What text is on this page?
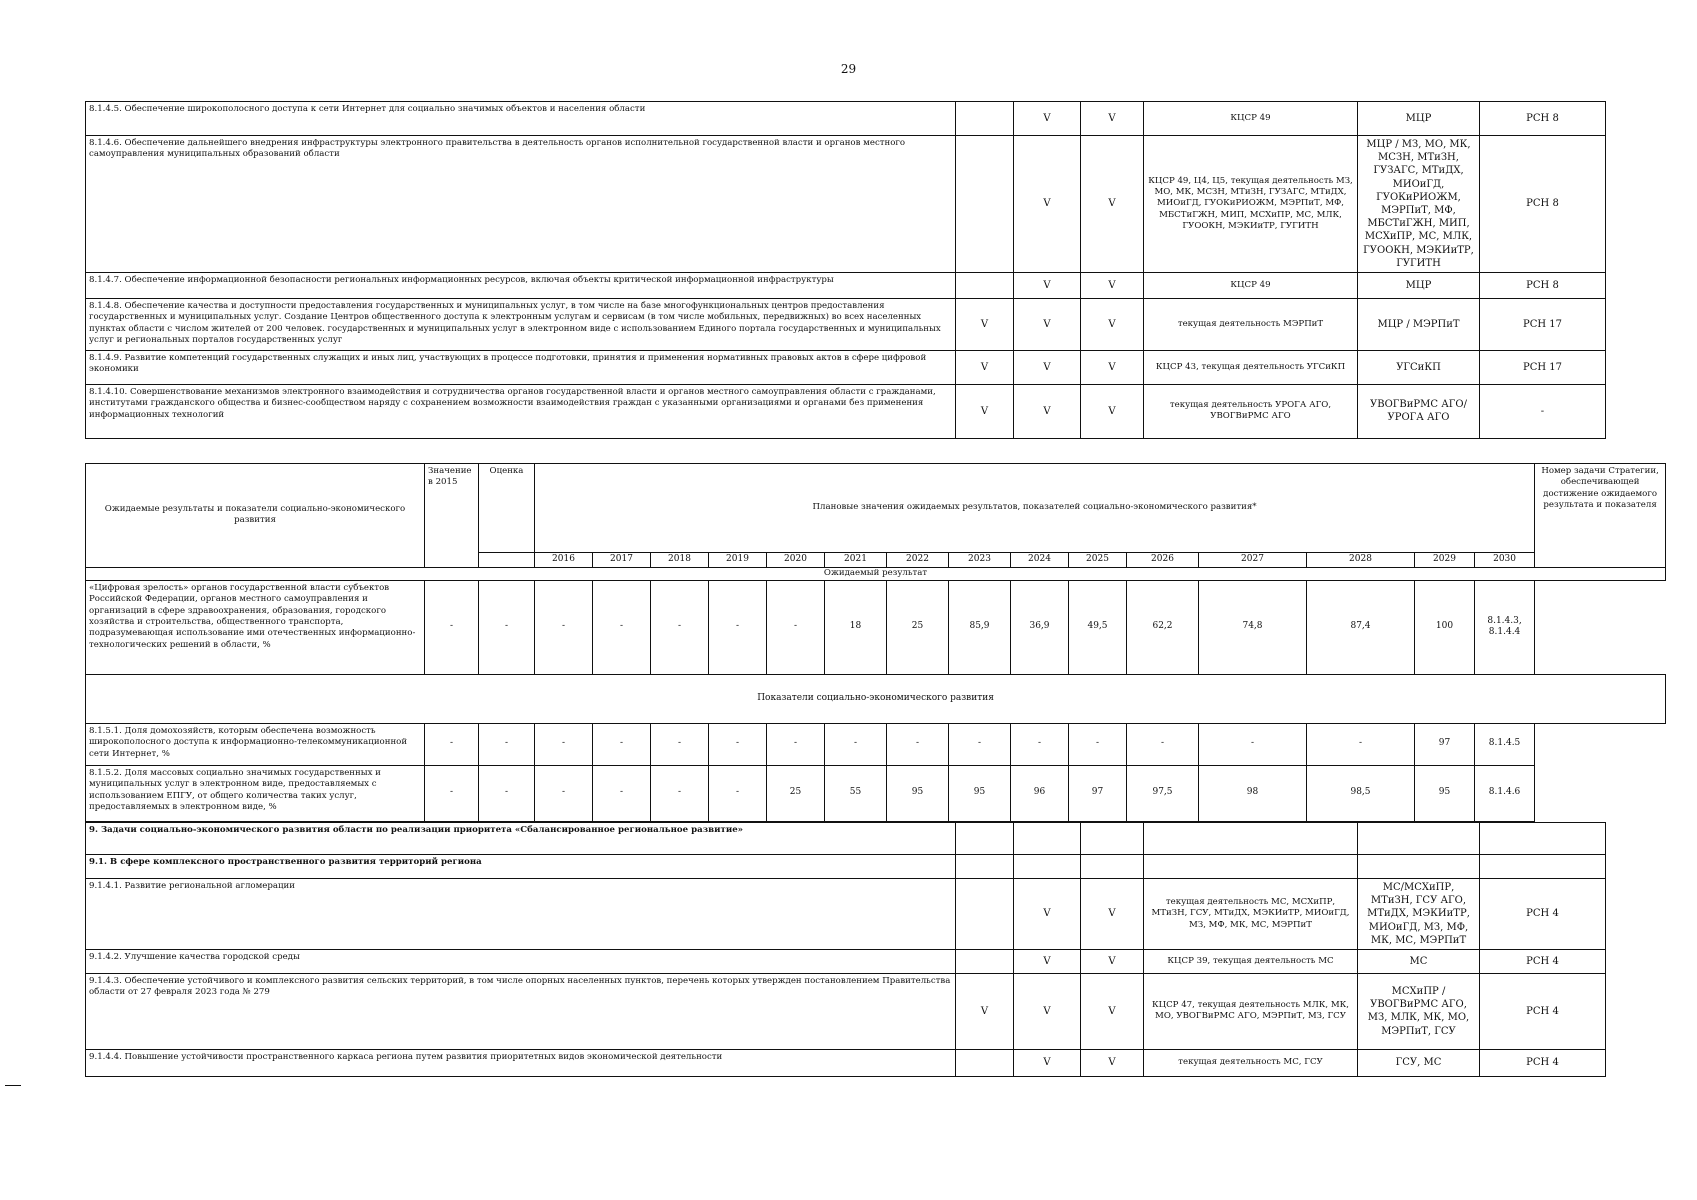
29
8.1.4.5. Обеспечение широкополосного доступа к сети Интернет для социально значимых объектов и населения области		V	V	КЦСР 49	МЦР	РСН 8
8.1.4.6. Обеспечение дальнейшего внедрения инфраструктуры электронного правительства в деятельность органов исполнительной государственной власти и органов местного самоуправления муниципальных образований области		V	V	КЦСР 49, Ц4, Ц5, текущая деятельность МЗ, МО, МК, МСЗН, МТиЗН, ГУЗАГС, МТиДХ, МИОиГД, ГУОКиРИОЖМ, МЭРПиТ, МФ, МБСТиГЖН, МИП, МСХиПР, МС, МЛК, ГУООКН, МЭКИиТР, ГУГИТН	МЦР / МЗ, МО, МК, МСЗН, МТиЗН, ГУЗАГС, МТиДХ, МИОиГД, ГУОКиРИОЖМ, МЭРПиТ, МФ, МБСТиГЖН, МИП, МСХиПР, МС, МЛК, ГУООКН, МЭКИиТР, ГУГИТН	РСН 8
8.1.4.7. Обеспечение информационной безопасности региональных информационных ресурсов, включая объекты критической информационной инфраструктуры		V	V	КЦСР 49	МЦР	РСН 8
8.1.4.8. Обеспечение качества и доступности предоставления государственных и муниципальных услуг, в том числе на базе многофункциональных центров предоставления государственных и муниципальных услуг. Создание Центров общественного доступа к электронным услугам и сервисам (в том числе мобильных, передвижных) во всех населенных пунктах области с числом жителей от 200 человек. государственных и муниципальных услуг в электронном виде с использованием Единого портала государственных и муниципальных услуг и региональных порталов государственных услуг	V	V	V	текущая деятельность МЭРПиТ	МЦР / МЭРПиТ	РСН 17
8.1.4.9. Развитие компетенций государственных служащих и иных лиц, участвующих в процессе подготовки, принятия и применения нормативных правовых актов в сфере цифровой экономики	V	V	V	КЦСР 43, текущая деятельность УГСиКП	УГСиКП	РСН 17
8.1.4.10. Совершенствование механизмов электронного взаимодействия и сотрудничества органов государственной власти и органов местного самоуправления области с гражданами, институтами гражданского общества и бизнес-сообществом наряду с сохранением возможности взаимодействия граждан с указанными организациями и органами без применения информационных технологий	V	V	V	текущая деятельность УРОГА АГО, УВОГВиРМС АГО	УВОГВиРМС АГО/УРОГА АГО	-
Ожидаемые результаты и показатели социально-экономического развития	Значение в 2015	Оценка	Плановые значения ожидаемых результатов, показателей социально-экономического развития*															Номер задачи Стратегии, обеспечивающей достижение ожидаемого результата и показателя
			2016	2017	2018	2019	2020	2021	2022	2023	2024	2025	2026	2027	2028	2029	2030	
Ожидаемый результат																		
«Цифровая зрелость» органов государственной власти субъектов Российской Федерации, органов местного самоуправления и организаций в сфере здравоохранения, образования, городского хозяйства и строительства, общественного транспорта, подразумевающая использование ими отечественных информационно-технологических решений в области, %	-	-	-	-	-	-	-	18	25	85,9	36,9	49,5	62,2	74,8	87,4	100	8.1.4.3, 8.1.4.4	
Показатели социально-экономического развития																		
8.1.5.1. Доля домохозяйств, которым обеспечена возможность широкополосного доступа к информационно-телекоммуникационной сети Интернет, %	-	-	-	-	-	-	-	-	-	-	-	-	-	-	-	97	8.1.4.5	
8.1.5.2. Доля массовых социально значимых государственных и муниципальных услуг в электронном виде, предоставляемых с использованием ЕПГУ, от общего количества таких услуг, предоставляемых в электронном виде, %	-	-	-	-	-	-	25	55	95	95	96	97	97,5	98	98,5	95	8.1.4.6	
9. Задачи социально-экономического развития области по реализации приоритета «Сбалансированное региональное развитие»						
9.1. В сфере комплексного пространственного развития территорий региона						
9.1.4.1. Развитие региональной агломерации		V	V	текущая деятельность МС, МСХиПР, МТиЗН, ГСУ, МТиДХ, МЭКИиТР, МИОиГД, МЗ, МФ, МК, МС, МЭРПиТ	МС/МСХиПР, МТиЗН, ГСУ АГО, МТиДХ, МЭКИиТР, МИОиГД, МЗ, МФ, МК, МС, МЭРПиТ	РСН 4
9.1.4.2. Улучшение качества городской среды		V	V	КЦСР 39, текущая деятельность МС	МС	РСН 4
9.1.4.3. Обеспечение устойчивого и комплексного развития сельских территорий, в том числе опорных населенных пунктов, перечень которых утвержден постановлением Правительства области от 27 февраля 2023 года № 279	V	V	V	КЦСР 47, текущая деятельность МЛК, МК, МО, УВОГВиРМС АГО, МЭРПиТ, МЗ, ГСУ	МСХиПР / УВОГВиРМС АГО, МЗ, МЛК, МК, МО, МЭРПиТ, ГСУ	РСН 4
9.1.4.4. Повышение устойчивости пространственного каркаса региона путем развития приоритетных видов экономической деятельности		V	V	текущая деятельность МС, ГСУ	ГСУ, МС	РСН 4
